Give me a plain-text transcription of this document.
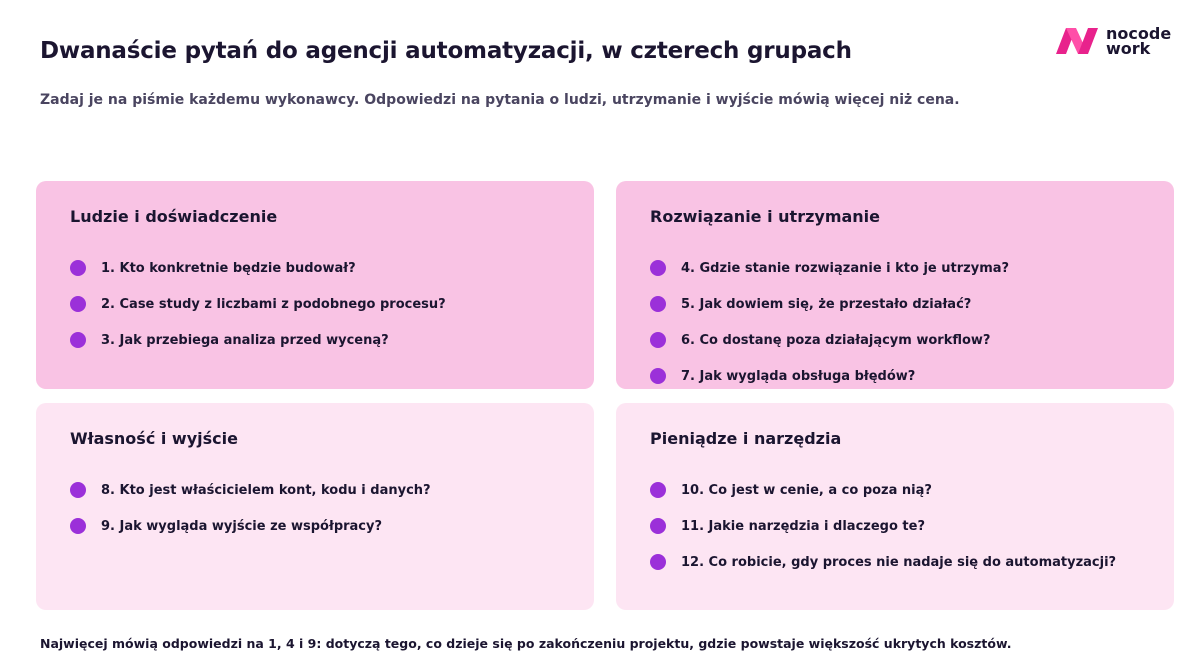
Dwanaście pytań do agencji automatyzacji, w czterech grupach
Zadaj je na piśmie każdemu wykonawcy. Odpowiedzi na pytania o ludzi, utrzymanie i wyjście mówią więcej niż cena.
nocode
work
Ludzie i doświadczenie
1. Kto konkretnie będzie budował?
2. Case study z liczbami z podobnego procesu?
3. Jak przebiega analiza przed wyceną?
Rozwiązanie i utrzymanie
4. Gdzie stanie rozwiązanie i kto je utrzyma?
5. Jak dowiem się, że przestało działać?
6. Co dostanę poza działającym workflow?
7. Jak wygląda obsługa błędów?
Własność i wyjście
8. Kto jest właścicielem kont, kodu i danych?
9. Jak wygląda wyjście ze współpracy?
Pieniądze i narzędzia
10. Co jest w cenie, a co poza nią?
11. Jakie narzędzia i dlaczego te?
12. Co robicie, gdy proces nie nadaje się do automatyzacji?
Najwięcej mówią odpowiedzi na 1, 4 i 9: dotyczą tego, co dzieje się po zakończeniu projektu, gdzie powstaje większość ukrytych kosztów.
